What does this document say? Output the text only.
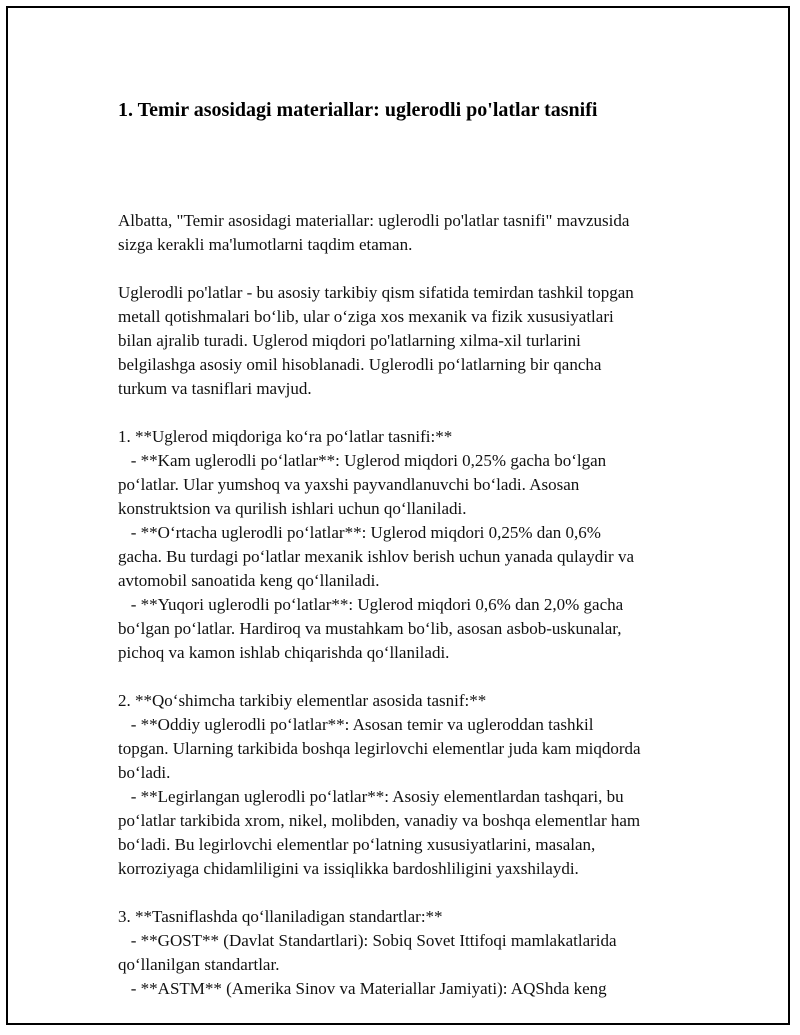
1. Temir asosidagi materiallar: uglerodli po'latlar tasnifi

Albatta, "Temir asosidagi materiallar: uglerodli po'latlar tasnifi" mavzusida
sizga kerakli ma'lumotlarni taqdim etaman.
Uglerodli po'latlar - bu asosiy tarkibiy qism sifatida temirdan tashkil topgan
metall qotishmalari bo‘lib, ular o‘ziga xos mexanik va fizik xususiyatlari
bilan ajralib turadi. Uglerod miqdori po'latlarning xilma-xil turlarini
belgilashga asosiy omil hisoblanadi. Uglerodli po‘latlarning bir qancha
turkum va tasniflari mavjud.
1. **Uglerod miqdoriga ko‘ra po‘latlar tasnifi:**
- **Kam uglerodli po‘latlar**: Uglerod miqdori 0,25% gacha bo‘lgan
po‘latlar. Ular yumshoq va yaxshi payvandlanuvchi bo‘ladi. Asosan
konstruktsion va qurilish ishlari uchun qo‘llaniladi.
- **O‘rtacha uglerodli po‘latlar**: Uglerod miqdori 0,25% dan 0,6%
gacha. Bu turdagi po‘latlar mexanik ishlov berish uchun yanada qulaydir va
avtomobil sanoatida keng qo‘llaniladi.
- **Yuqori uglerodli po‘latlar**: Uglerod miqdori 0,6% dan 2,0% gacha
bo‘lgan po‘latlar. Hardiroq va mustahkam bo‘lib, asosan asbob-uskunalar,
pichoq va kamon ishlab chiqarishda qo‘llaniladi.
2. **Qo‘shimcha tarkibiy elementlar asosida tasnif:**
- **Oddiy uglerodli po‘latlar**: Asosan temir va ugleroddan tashkil
topgan. Ularning tarkibida boshqa legirlovchi elementlar juda kam miqdorda
bo‘ladi.
- **Legirlangan uglerodli po‘latlar**: Asosiy elementlardan tashqari, bu
po‘latlar tarkibida xrom, nikel, molibden, vanadiy va boshqa elementlar ham
bo‘ladi. Bu legirlovchi elementlar po‘latning xususiyatlarini, masalan,
korroziyaga chidamliligini va issiqlikka bardoshliligini yaxshilaydi.
3. **Tasniflashda qo‘llaniladigan standartlar:**
- **GOST** (Davlat Standartlari): Sobiq Sovet Ittifoqi mamlakatlarida
qo‘llanilgan standartlar.
- **ASTM** (Amerika Sinov va Materiallar Jamiyati): AQShda keng
